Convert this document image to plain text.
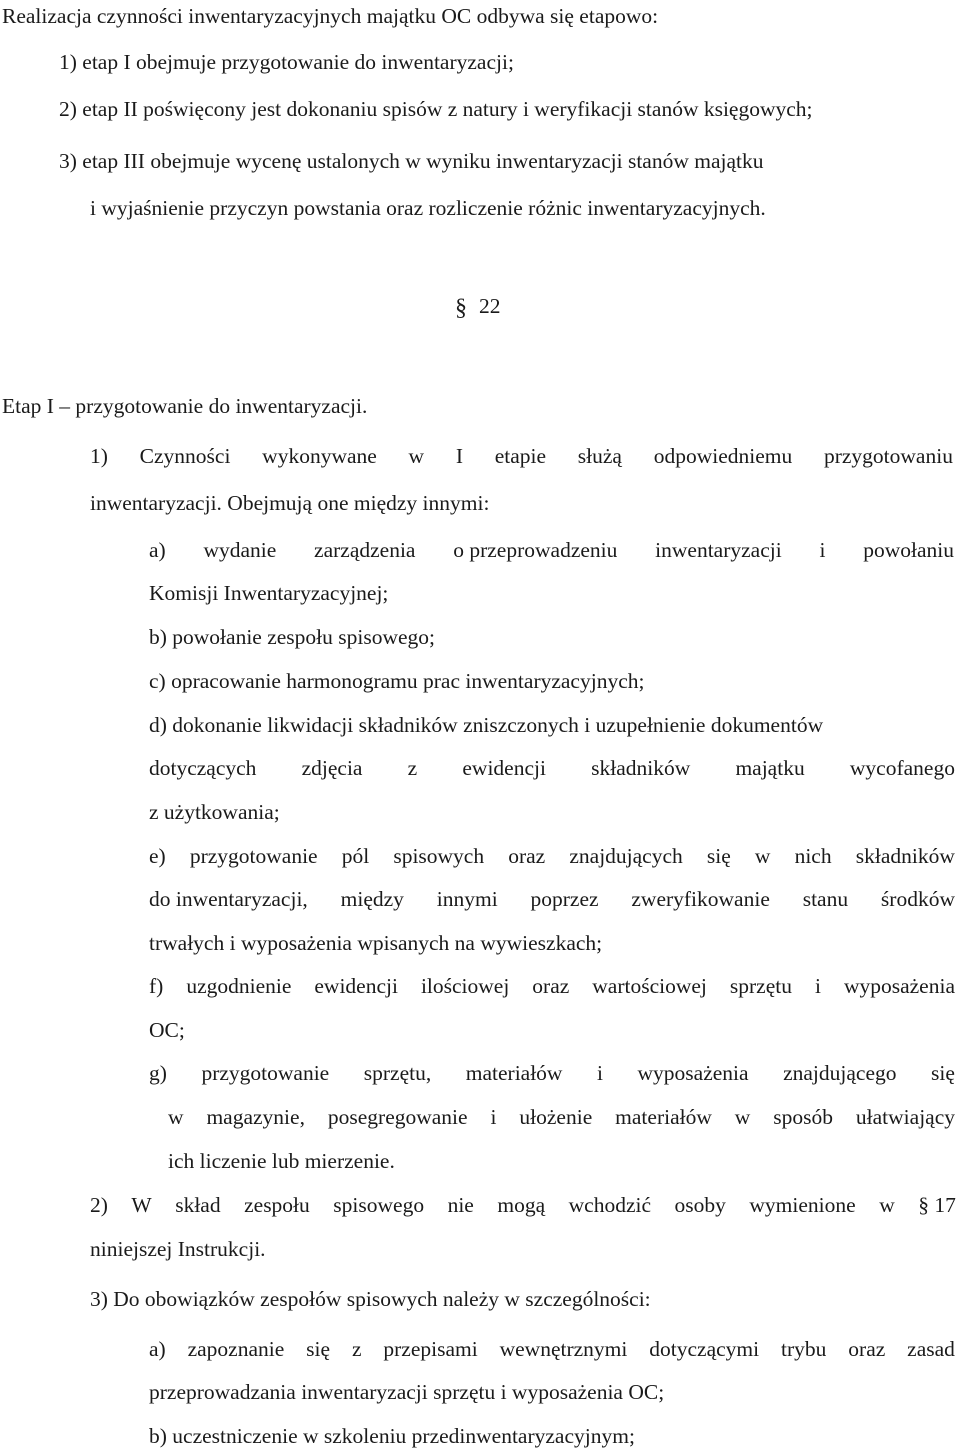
Realizacja czynności inwentaryzacyjnych majątku OC odbywa się etapowo:
1) etap I obejmuje przygotowanie do inwentaryzacji;
2) etap II poświęcony jest dokonaniu spisów z natury i weryfikacji stanów księgowych;
3) etap III obejmuje wycenę ustalonych w wyniku inwentaryzacji stanów majątku
i wyjaśnienie przyczyn powstania oraz rozliczenie różnic inwentaryzacyjnych.
§ 22
Etap I – przygotowanie do inwentaryzacji.
1) Czynności wykonywane w I etapie służą odpowiedniemu przygotowaniu
inwentaryzacji. Obejmują one między innymi:
a) wydanie zarządzenia o przeprowadzeniu inwentaryzacji i powołaniu
Komisji Inwentaryzacyjnej;
b) powołanie zespołu spisowego;
c) opracowanie harmonogramu prac inwentaryzacyjnych;
d) dokonanie likwidacji składników zniszczonych i uzupełnienie dokumentów
dotyczących zdjęcia z ewidencji składników majątku wycofanego
z użytkowania;
e) przygotowanie pól spisowych oraz znajdujących się w nich składników
do inwentaryzacji, między innymi poprzez zweryfikowanie stanu środków
trwałych i wyposażenia wpisanych na wywieszkach;
f) uzgodnienie ewidencji ilościowej oraz wartościowej sprzętu i wyposażenia
OC;
g) przygotowanie sprzętu, materiałów i wyposażenia znajdującego się
w magazynie, posegregowanie i ułożenie materiałów w sposób ułatwiający
ich liczenie lub mierzenie.
2) W skład zespołu spisowego nie mogą wchodzić osoby wymienione w § 17
niniejszej Instrukcji.
3) Do obowiązków zespołów spisowych należy w szczególności:
a) zapoznanie się z przepisami wewnętrznymi dotyczącymi trybu oraz zasad
przeprowadzania inwentaryzacji sprzętu i wyposażenia OC;
b) uczestniczenie w szkoleniu przedinwentaryzacyjnym;
